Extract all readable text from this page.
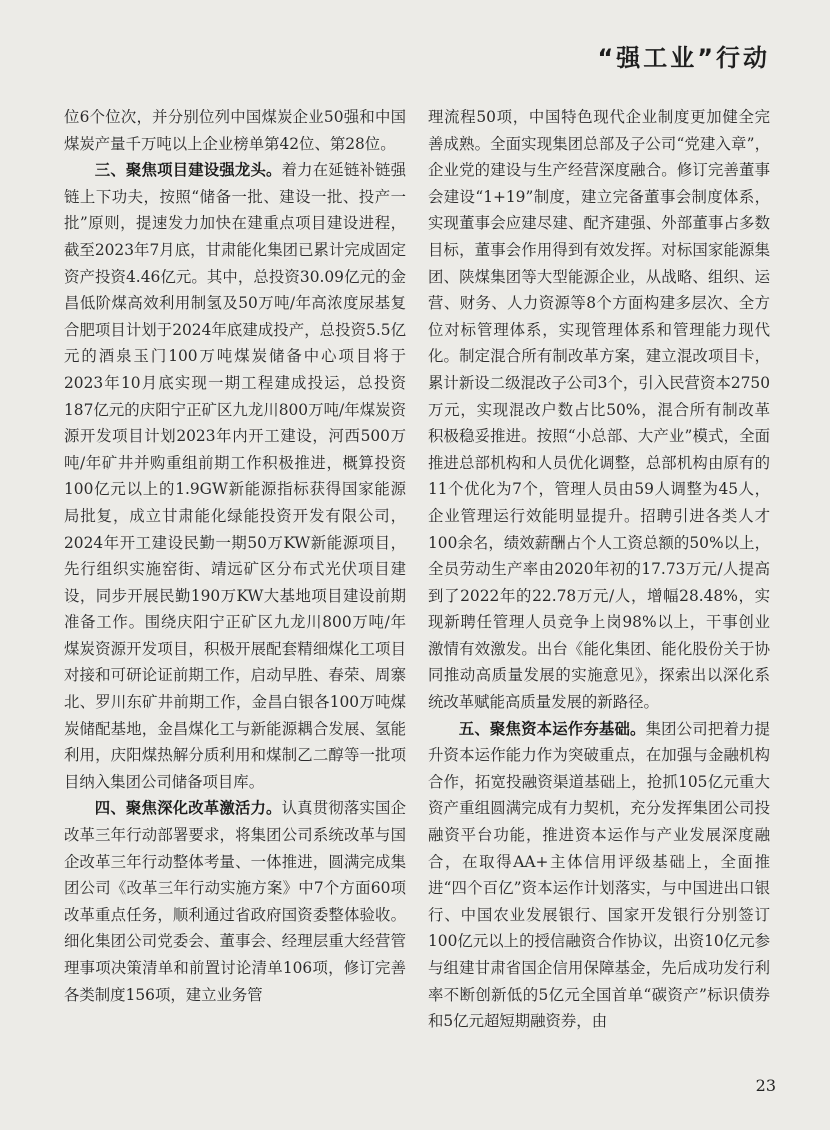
“强工业”行动

位6个位次，并分别位列中国煤炭企业50强和中国煤炭产量千万吨以上企业榜单第42位、第28位。

三、聚焦项目建设强龙头。着力在延链补链强链上下功夫，按照“储备一批、建设一批、投产一批”原则，提速发力加快在建重点项目建设进程，截至2023年7月底，甘肃能化集团已累计完成固定资产投资4.46亿元。其中，总投资30.09亿元的金昌低阶煤高效利用制氢及50万吨/年高浓度尿基复合肥项目计划于2024年底建成投产，总投资5.5亿元的酒泉玉门100万吨煤炭储备中心项目将于2023年10月底实现一期工程建成投运，总投资187亿元的庆阳宁正矿区九龙川800万吨/年煤炭资源开发项目计划2023年内开工建设，河西500万吨/年矿井并购重组前期工作积极推进，概算投资100亿元以上的1.9GW新能源指标获得国家能源局批复，成立甘肃能化绿能投资开发有限公司，2024年开工建设民勤一期50万KW新能源项目，先行组织实施窑街、靖远矿区分布式光伏项目建设，同步开展民勤190万KW大基地项目建设前期准备工作。围绕庆阳宁正矿区九龙川800万吨/年煤炭资源开发项目，积极开展配套精细煤化工项目对接和可研论证前期工作，启动早胜、春荣、周寨北、罗川东矿井前期工作，金昌白银各100万吨煤炭储配基地，金昌煤化工与新能源耦合发展、氢能利用，庆阳煤热解分质利用和煤制乙二醇等一批项目纳入集团公司储备项目库。

四、聚焦深化改革激活力。认真贯彻落实国企改革三年行动部署要求，将集团公司系统改革与国企改革三年行动整体考量、一体推进，圆满完成集团公司《改革三年行动实施方案》中7个方面60项改革重点任务，顺利通过省政府国资委整体验收。细化集团公司党委会、董事会、经理层重大经营管理事项决策清单和前置讨论清单106项，修订完善各类制度156项，建立业务管

理流程50项，中国特色现代企业制度更加健全完善成熟。全面实现集团总部及子公司“党建入章”，企业党的建设与生产经营深度融合。修订完善董事会建设“1+19”制度，建立完备董事会制度体系，实现董事会应建尽建、配齐建强、外部董事占多数目标，董事会作用得到有效发挥。对标国家能源集团、陕煤集团等大型能源企业，从战略、组织、运营、财务、人力资源等8个方面构建多层次、全方位对标管理体系，实现管理体系和管理能力现代化。制定混合所有制改革方案，建立混改项目卡，累计新设二级混改子公司3个，引入民营资本2750万元，实现混改户数占比50%，混合所有制改革积极稳妥推进。按照“小总部、大产业”模式，全面推进总部机构和人员优化调整，总部机构由原有的11个优化为7个，管理人员由59人调整为45人，企业管理运行效能明显提升。招聘引进各类人才100余名，绩效薪酬占个人工资总额的50%以上，全员劳动生产率由2020年初的17.73万元/人提高到了2022年的22.78万元/人，增幅28.48%，实现新聘任管理人员竞争上岗98%以上，干事创业激情有效激发。出台《能化集团、能化股份关于协同推动高质量发展的实施意见》，探索出以深化系统改革赋能高质量发展的新路径。

五、聚焦资本运作夯基础。集团公司把着力提升资本运作能力作为突破重点，在加强与金融机构合作，拓宽投融资渠道基础上，抢抓105亿元重大资产重组圆满完成有力契机，充分发挥集团公司投融资平台功能，推进资本运作与产业发展深度融合，在取得AA+主体信用评级基础上，全面推进“四个百亿”资本运作计划落实，与中国进出口银行、中国农业发展银行、国家开发银行分别签订100亿元以上的授信融资合作协议，出资10亿元参与组建甘肃省国企信用保障基金，先后成功发行利率不断创新低的5亿元全国首单“碳资产”标识债券和5亿元超短期融资券，由

23
